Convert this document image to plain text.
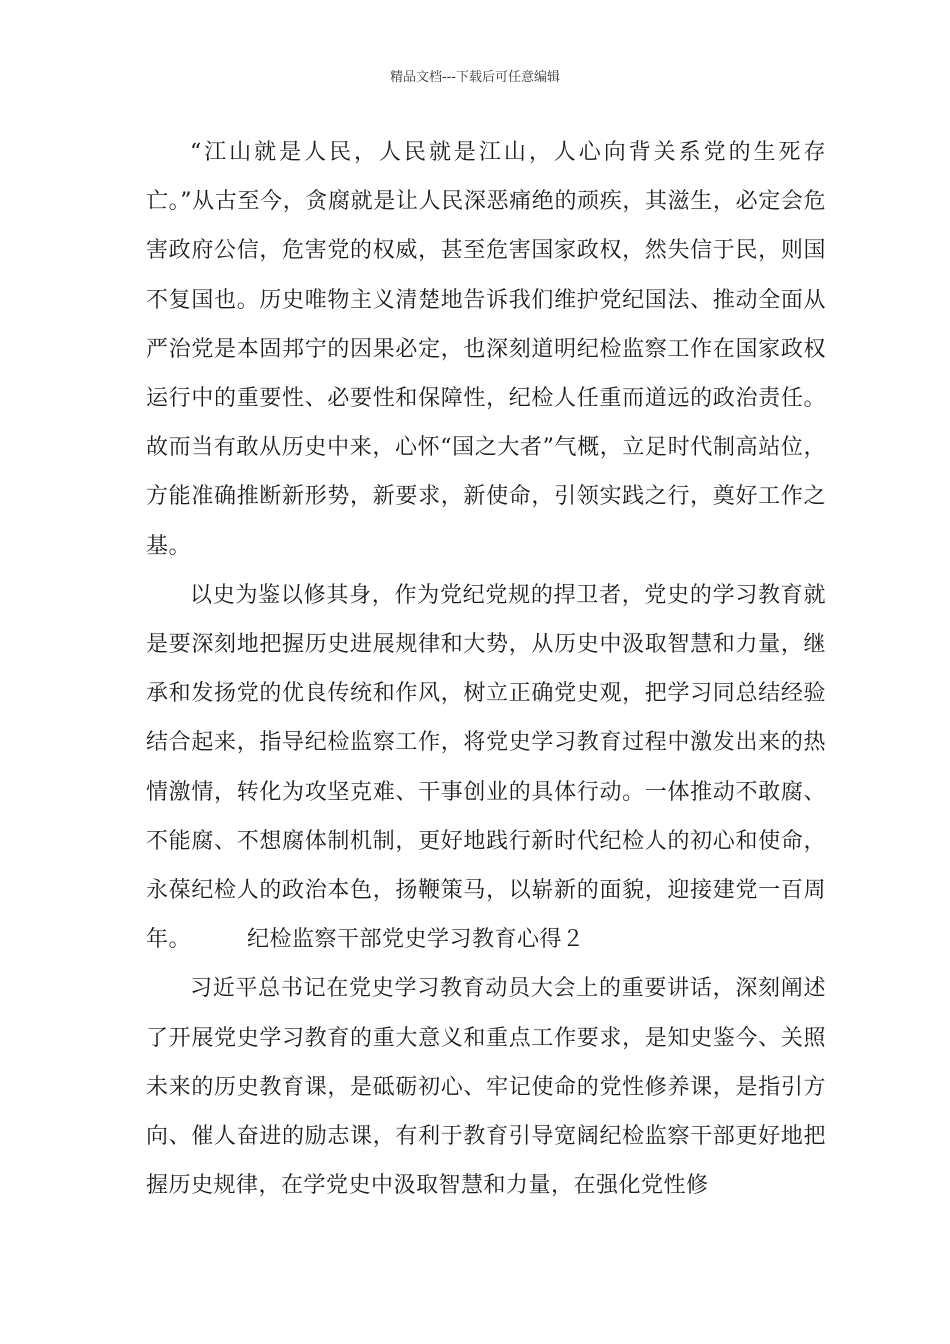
精品文档---下载后可任意编辑

“江山就是人民，人民就是江山，人心向背关系党的生死存亡。”从古至今，贪腐就是让人民深恶痛绝的顽疾，其滋生，必定会危害政府公信，危害党的权威，甚至危害国家政权，然失信于民，则国不复国也。历史唯物主义清楚地告诉我们维护党纪国法、推动全面从严治党是本固邦宁的因果必定，也深刻道明纪检监察工作在国家政权运行中的重要性、必要性和保障性，纪检人任重而道远的政治责任。故而当有敢从历史中来，心怀“国之大者”气概，立足时代制高站位，方能准确推断新形势，新要求，新使命，引领实践之行，奠好工作之基。

以史为鉴以修其身，作为党纪党规的捍卫者，党史的学习教育就是要深刻地把握历史进展规律和大势，从历史中汲取智慧和力量，继承和发扬党的优良传统和作风，树立正确党史观，把学习同总结经验结合起来，指导纪检监察工作，将党史学习教育过程中激发出来的热情激情，转化为攻坚克难、干事创业的具体行动。一体推动不敢腐、不能腐、不想腐体制机制，更好地践行新时代纪检人的初心和使命，永葆纪检人的政治本色，扬鞭策马，以崭新的面貌，迎接建党一百周年。	纪检监察干部党史学习教育心得２

习近平总书记在党史学习教育动员大会上的重要讲话，深刻阐述了开展党史学习教育的重大意义和重点工作要求，是知史鉴今、关照未来的历史教育课，是砥砺初心、牢记使命的党性修养课，是指引方向、催人奋进的励志课，有利于教育引导宽阔纪检监察干部更好地把握历史规律，在学党史中汲取智慧和力量，在强化党性修
